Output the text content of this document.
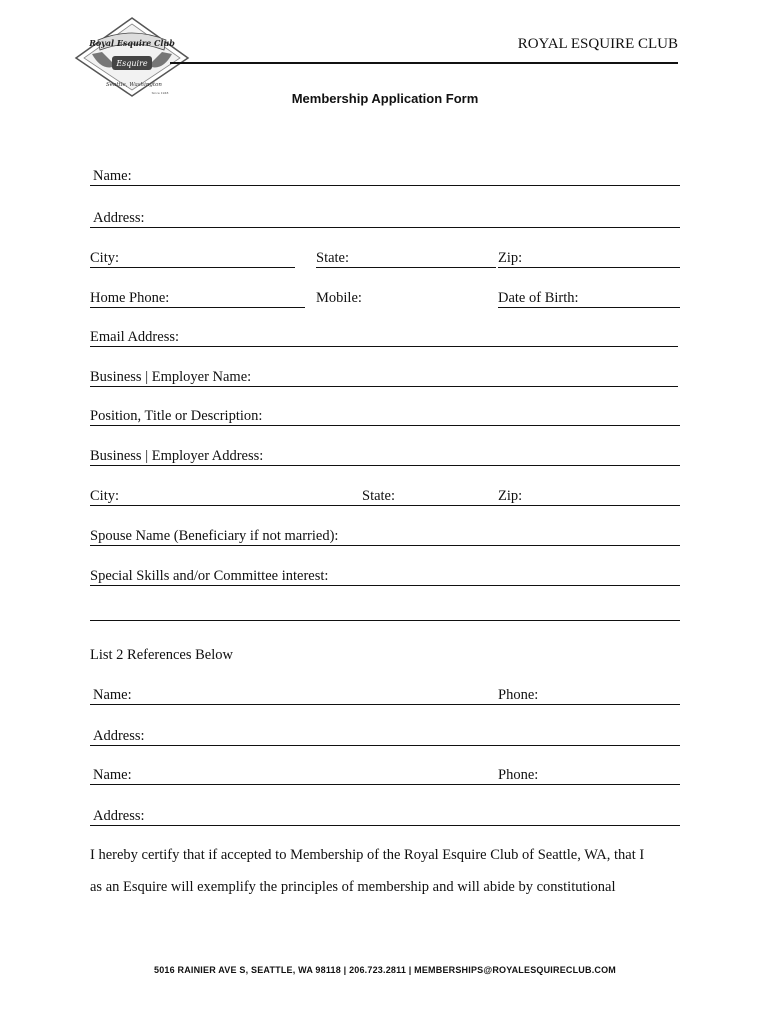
Royal Esquire Club
Esquire
Seattle, Washington
Since 1948
ROYAL ESQUIRE CLUB
Membership Application Form
Name:
Address:
City:	State:	Zip:
Home Phone:	Mobile:	Date of Birth:
Email Address:
Business | Employer Name:
Position, Title or Description:
Business | Employer Address:
City:	State:	Zip:
Spouse Name (Beneficiary if not married):
Special Skills and/or Committee interest:
List 2 References Below
Name:	Phone:
Address:
Name:	Phone:
Address:
I hereby certify that if accepted to Membership of the Royal Esquire Club of Seattle, WA, that I
as an Esquire will exemplify the principles of membership and will abide by constitutional
5016 RAINIER AVE S, SEATTLE, WA 98118 | 206.723.2811 | MEMBERSHIPS@ROYALESQUIRECLUB.COM
